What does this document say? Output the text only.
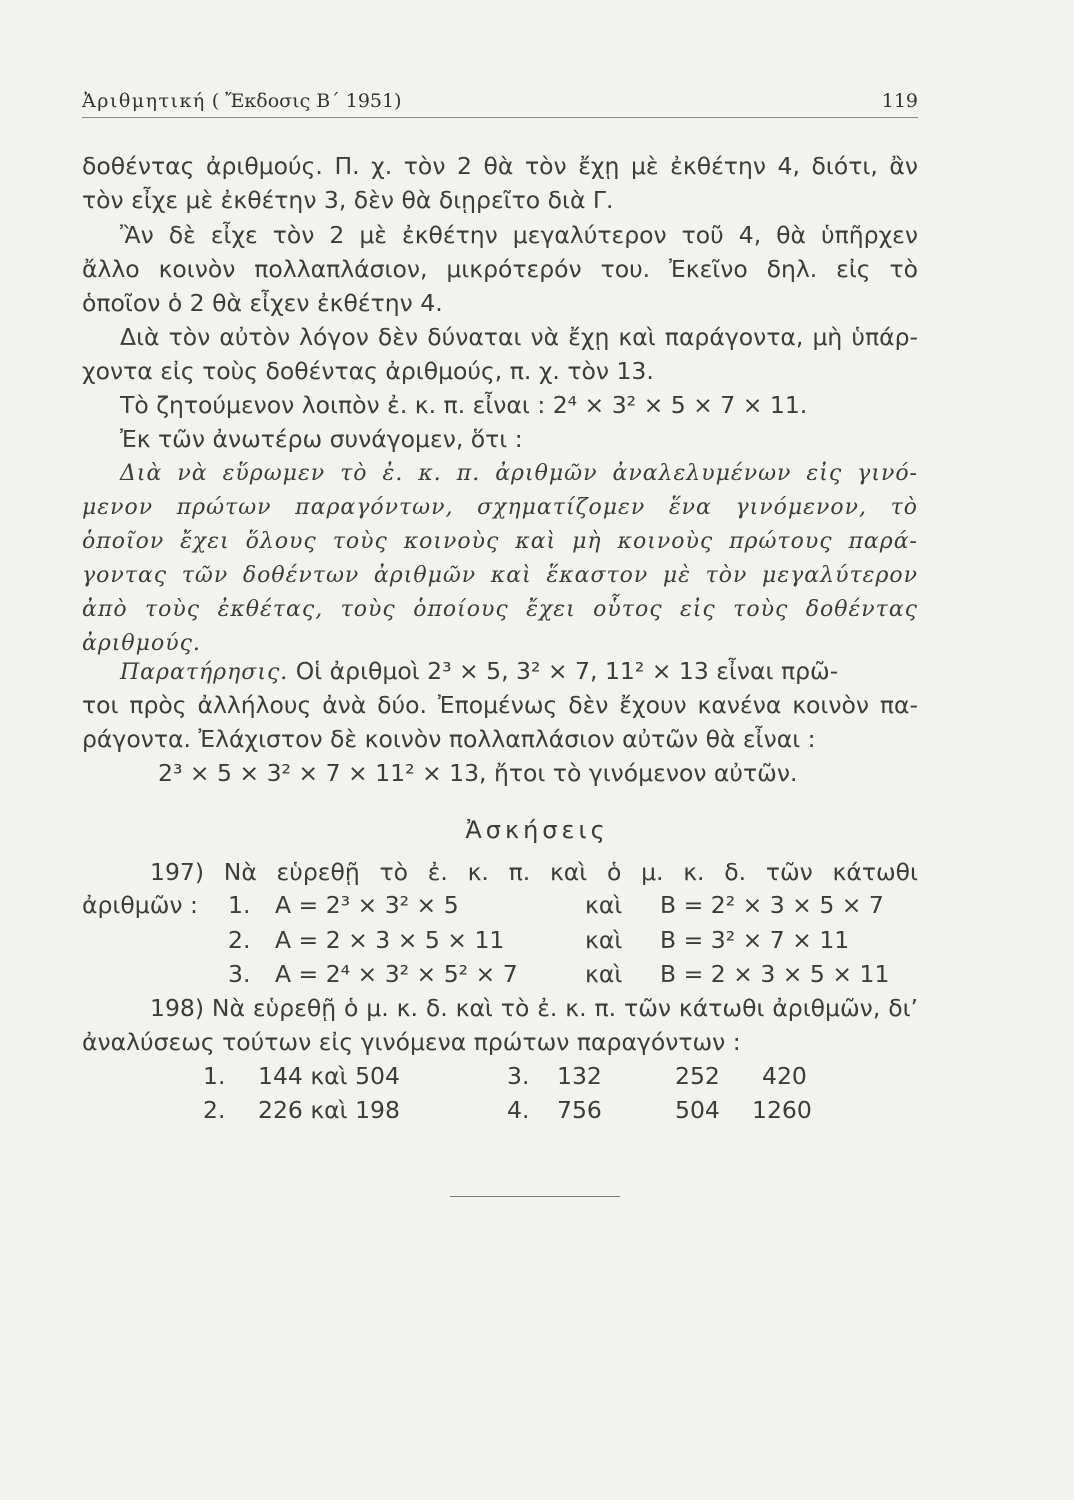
Ἀριθμητική ( Ἔκδοσις Β΄ 1951)	119
δοθέντας ἀριθμούς. Π. χ. τὸν 2 θὰ τὸν ἔχῃ μὲ ἐκθέτην 4, διότι, ἂν
τὸν εἶχε μὲ ἐκθέτην 3, δὲν θὰ διῃρεῖτο διὰ Γ.
Ἂν δὲ εἶχε τὸν 2 μὲ ἐκθέτην μεγαλύτερον τοῦ 4, θὰ ὑπῆρχεν
ἄλλο κοινὸν πολλαπλάσιον, μικρότερόν του. Ἐκεῖνο δηλ. εἰς τὸ
ὁποῖον ὁ 2 θὰ εἶχεν ἐκθέτην 4.
Διὰ τὸν αὐτὸν λόγον δὲν δύναται νὰ ἔχῃ καὶ παράγοντα, μὴ ὑπάρ-
χοντα εἰς τοὺς δοθέντας ἀριθμούς, π. χ. τὸν 13.
Τὸ ζητούμενον λοιπὸν ἐ. κ. π. εἶναι : 2⁴ × 3² × 5 × 7 × 11.
Ἐκ τῶν ἀνωτέρω συνάγομεν, ὅτι :
Διὰ νὰ εὕρωμεν τὸ ἐ. κ. π. ἀριθμῶν ἀναλελυμένων εἰς γινό-
μενον πρώτων παραγόντων, σχηματίζομεν ἕνα γινόμενον, τὸ
ὁποῖον ἔχει ὅλους τοὺς κοινοὺς καὶ μὴ κοινοὺς πρώτους παρά-
γοντας τῶν δοθέντων ἀριθμῶν καὶ ἕκαστον μὲ τὸν μεγαλύτερον
ἀπὸ τοὺς ἐκθέτας, τοὺς ὁποίους ἔχει οὗτος εἰς τοὺς δοθέντας
ἀριθμούς.
Παρατήρησις. Οἱ ἀριθμοὶ 2³ × 5, 3² × 7, 11² × 13 εἶναι πρῶ-
τοι πρὸς ἀλλήλους ἀνὰ δύο. Ἐπομένως δὲν ἔχουν κανένα κοινὸν πα-
ράγοντα. Ἐλάχιστον δὲ κοινὸν πολλαπλάσιον αὐτῶν θὰ εἶναι :
2³ × 5 × 3² × 7 × 11² × 13, ἤτοι τὸ γινόμενον αὐτῶν.
Ἀσκήσεις
197) Νὰ εὑρεθῇ τὸ ἐ. κ. π. καὶ ὁ μ. κ. δ. τῶν κάτωθι
ἀριθμῶν : 1. Α = 2³ × 3² × 5	καὶ Β = 2² × 3 × 5 × 7
2. Α = 2 × 3 × 5 × 11	καὶ Β = 3² × 7 × 11
3. Α = 2⁴ × 3² × 5² × 7	καὶ Β = 2 × 3 × 5 × 11
198) Νὰ εὑρεθῇ ὁ μ. κ. δ. καὶ τὸ ἐ. κ. π. τῶν κάτωθι ἀριθμῶν, δι’
ἀναλύσεως τούτων εἰς γινόμενα πρώτων παραγόντων :
1. 144 καὶ 504	3. 132	252 420
2. 226 καὶ 198	4. 756	504 1260
